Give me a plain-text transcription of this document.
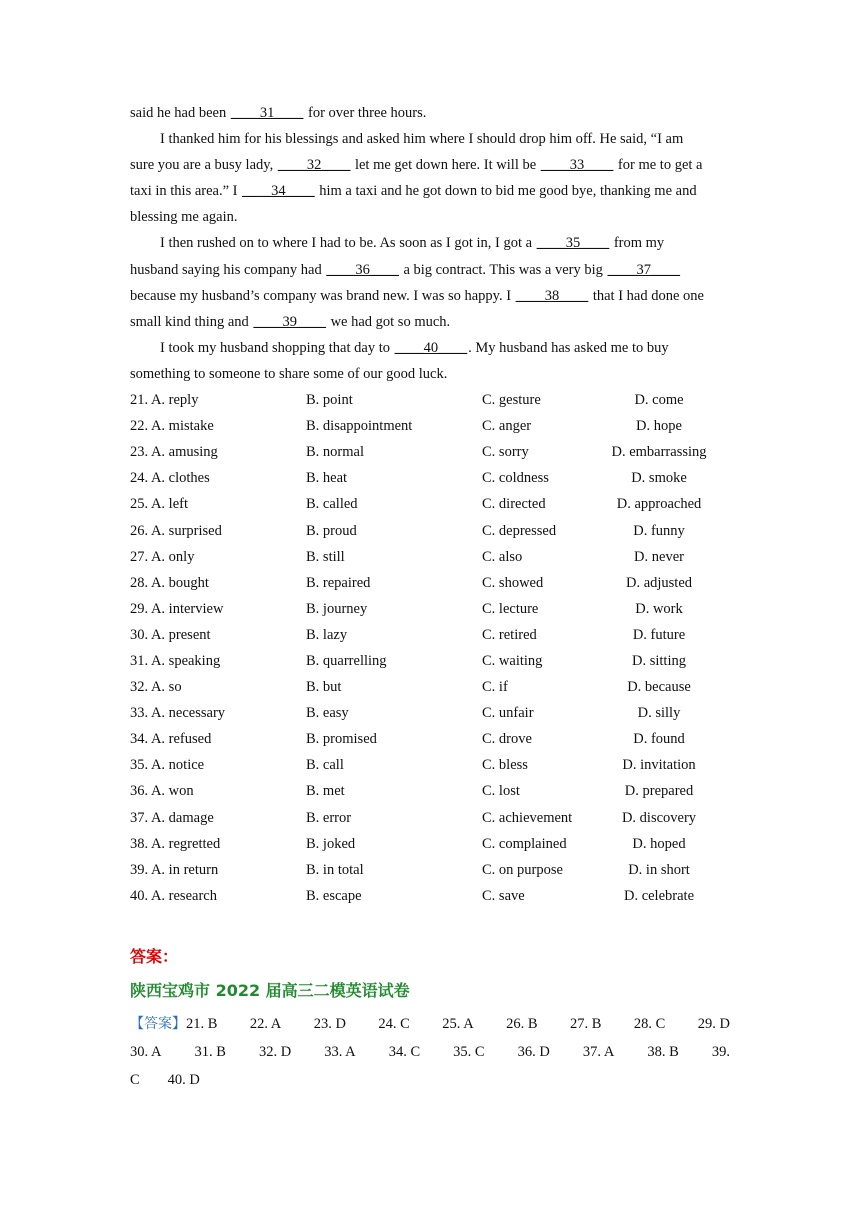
said he had been ____31____ for over three hours.
I thanked him for his blessings and asked him where I should drop him off. He said, “I am
sure you are a busy lady, ____32____ let me get down here. It will be ____33____ for me to get a
taxi in this area.” I ____34____ him a taxi and he got down to bid me good bye, thanking me and
blessing me again.
I then rushed on to where I had to be. As soon as I got in, I got a ____35____ from my
husband saying his company had ____36____ a big contract. This was a very big ____37____
because my husband’s company was brand new. I was so happy. I ____38____ that I had done one
small kind thing and ____39____ we had got so much.
I took my husband shopping that day to ____40____. My husband has asked me to buy
something to someone to share some of our good luck.
21. A. reply	B. point	C. gesture	D. come
22. A. mistake	B. disappointment	C. anger	D. hope
23. A. amusing	B. normal	C. sorry	D. embarrassing
24. A. clothes	B. heat	C. coldness	D. smoke
25. A. left	B. called	C. directed	D. approached
26. A. surprised	B. proud	C. depressed	D. funny
27. A. only	B. still	C. also	D. never
28. A. bought	B. repaired	C. showed	D. adjusted
29. A. interview	B. journey	C. lecture	D. work
30. A. present	B. lazy	C. retired	D. future
31. A. speaking	B. quarrelling	C. waiting	D. sitting
32. A. so	B. but	C. if	D. because
33. A. necessary	B. easy	C. unfair	D. silly
34. A. refused	B. promised	C. drove	D. found
35. A. notice	B. call	C. bless	D. invitation
36. A. won	B. met	C. lost	D. prepared
37. A. damage	B. error	C. achievement	D. discovery
38. A. regretted	B. joked	C. complained	D. hoped
39. A. in return	B. in total	C. on purpose	D. in short
40. A. research	B. escape	C. save	D. celebrate
答案：
陕西宝鸡市 2022 届高三二模英语试卷
【答案】21. B 22. A 23. D 24. C 25. A 26. B 27. B 28. C 29. D
30. A 31. B 32. D 33. A 34. C 35. C 36. D 37. A 38. B 39.
C 40. D
